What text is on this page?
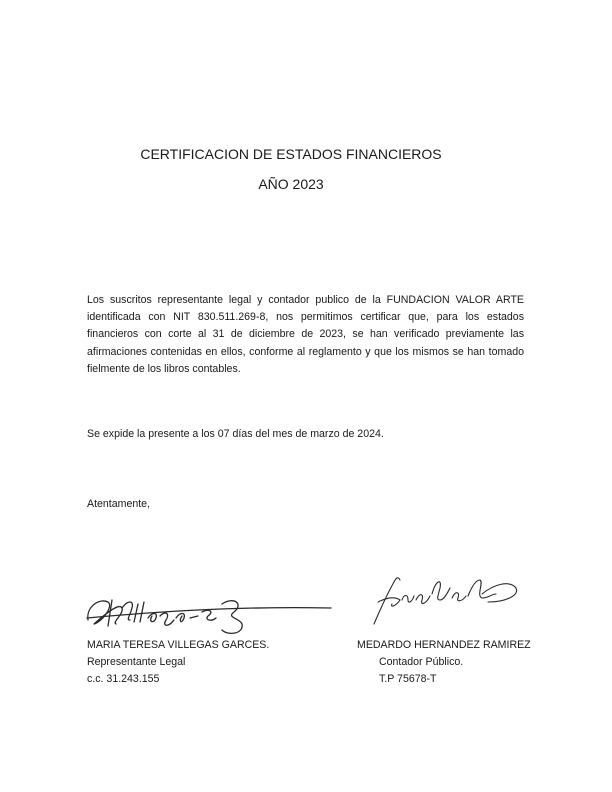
CERTIFICACION DE ESTADOS FINANCIEROS
AÑO 2023
Los suscritos representante legal y contador publico de la FUNDACION VALOR ARTE identificada con NIT 830.511.269-8, nos permitimos certificar que, para los estados financieros con corte al 31 de diciembre de 2023, se han verificado previamente las afirmaciones contenidas en ellos, conforme al reglamento y que los mismos se han tomado fielmente de los libros contables.
Se expide la presente a los 07 días del mes de marzo de 2024.
Atentamente,
MARIA TERESA VILLEGAS GARCES.
Representante Legal
c.c. 31.243.155
MEDARDO HERNANDEZ RAMIREZ
Contador Público.
T.P 75678-T
